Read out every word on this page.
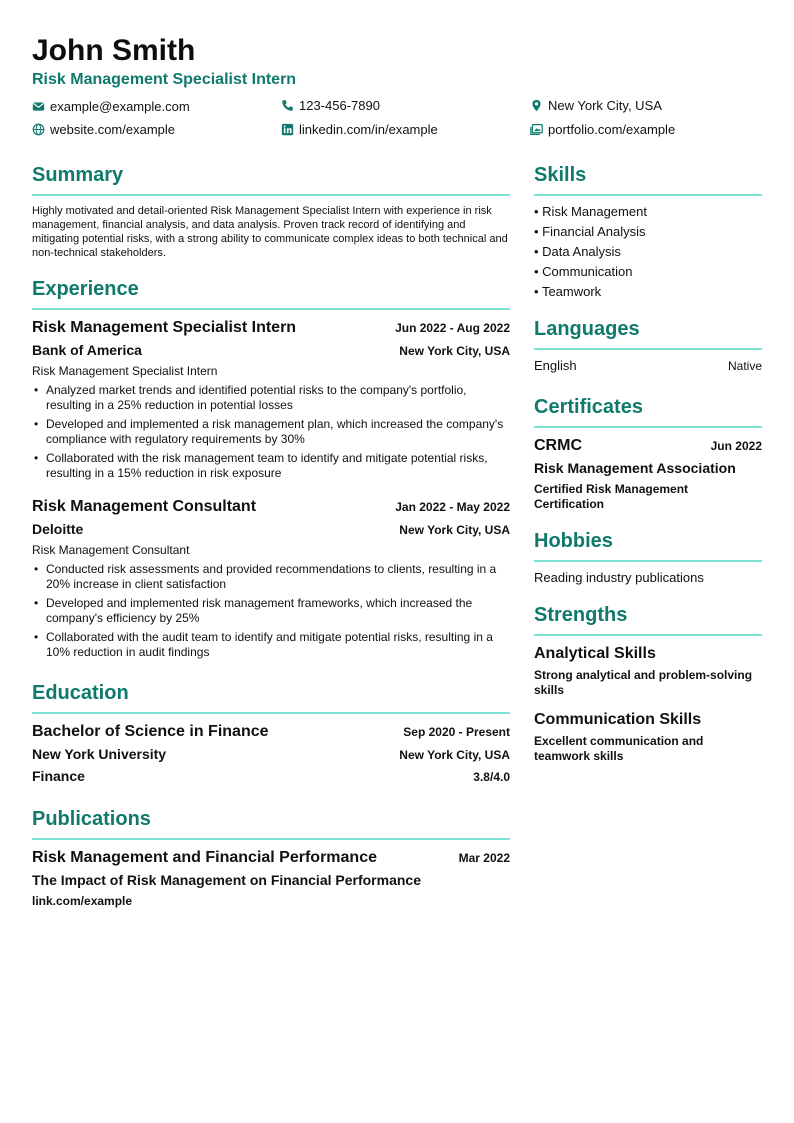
John Smith
Risk Management Specialist Intern
example@example.com	123-456-7890	New York City, USA
website.com/example	linkedin.com/in/example	portfolio.com/example
Summary
Highly motivated and detail-oriented Risk Management Specialist Intern with experience in risk management, financial analysis, and data analysis. Proven track record of identifying and mitigating potential risks, with a strong ability to communicate complex ideas to both technical and non-technical stakeholders.
Experience
Risk Management Specialist Intern	Jun 2022 - Aug 2022
Bank of America	New York City, USA
Risk Management Specialist Intern
• Analyzed market trends and identified potential risks to the company's portfolio, resulting in a 25% reduction in potential losses
• Developed and implemented a risk management plan, which increased the company's compliance with regulatory requirements by 30%
• Collaborated with the risk management team to identify and mitigate potential risks, resulting in a 15% reduction in risk exposure
Risk Management Consultant	Jan 2022 - May 2022
Deloitte	New York City, USA
Risk Management Consultant
• Conducted risk assessments and provided recommendations to clients, resulting in a 20% increase in client satisfaction
• Developed and implemented risk management frameworks, which increased the company's efficiency by 25%
• Collaborated with the audit team to identify and mitigate potential risks, resulting in a 10% reduction in audit findings
Education
Bachelor of Science in Finance	Sep 2020 - Present
New York University	New York City, USA
Finance	3.8/4.0
Publications
Risk Management and Financial Performance	Mar 2022
The Impact of Risk Management on Financial Performance
link.com/example
Skills
• Risk Management
• Financial Analysis
• Data Analysis
• Communication
• Teamwork
Languages
English	Native
Certificates
CRMC	Jun 2022
Risk Management Association
Certified Risk Management Certification
Hobbies
Reading industry publications
Strengths
Analytical Skills
Strong analytical and problem-solving skills
Communication Skills
Excellent communication and teamwork skills
